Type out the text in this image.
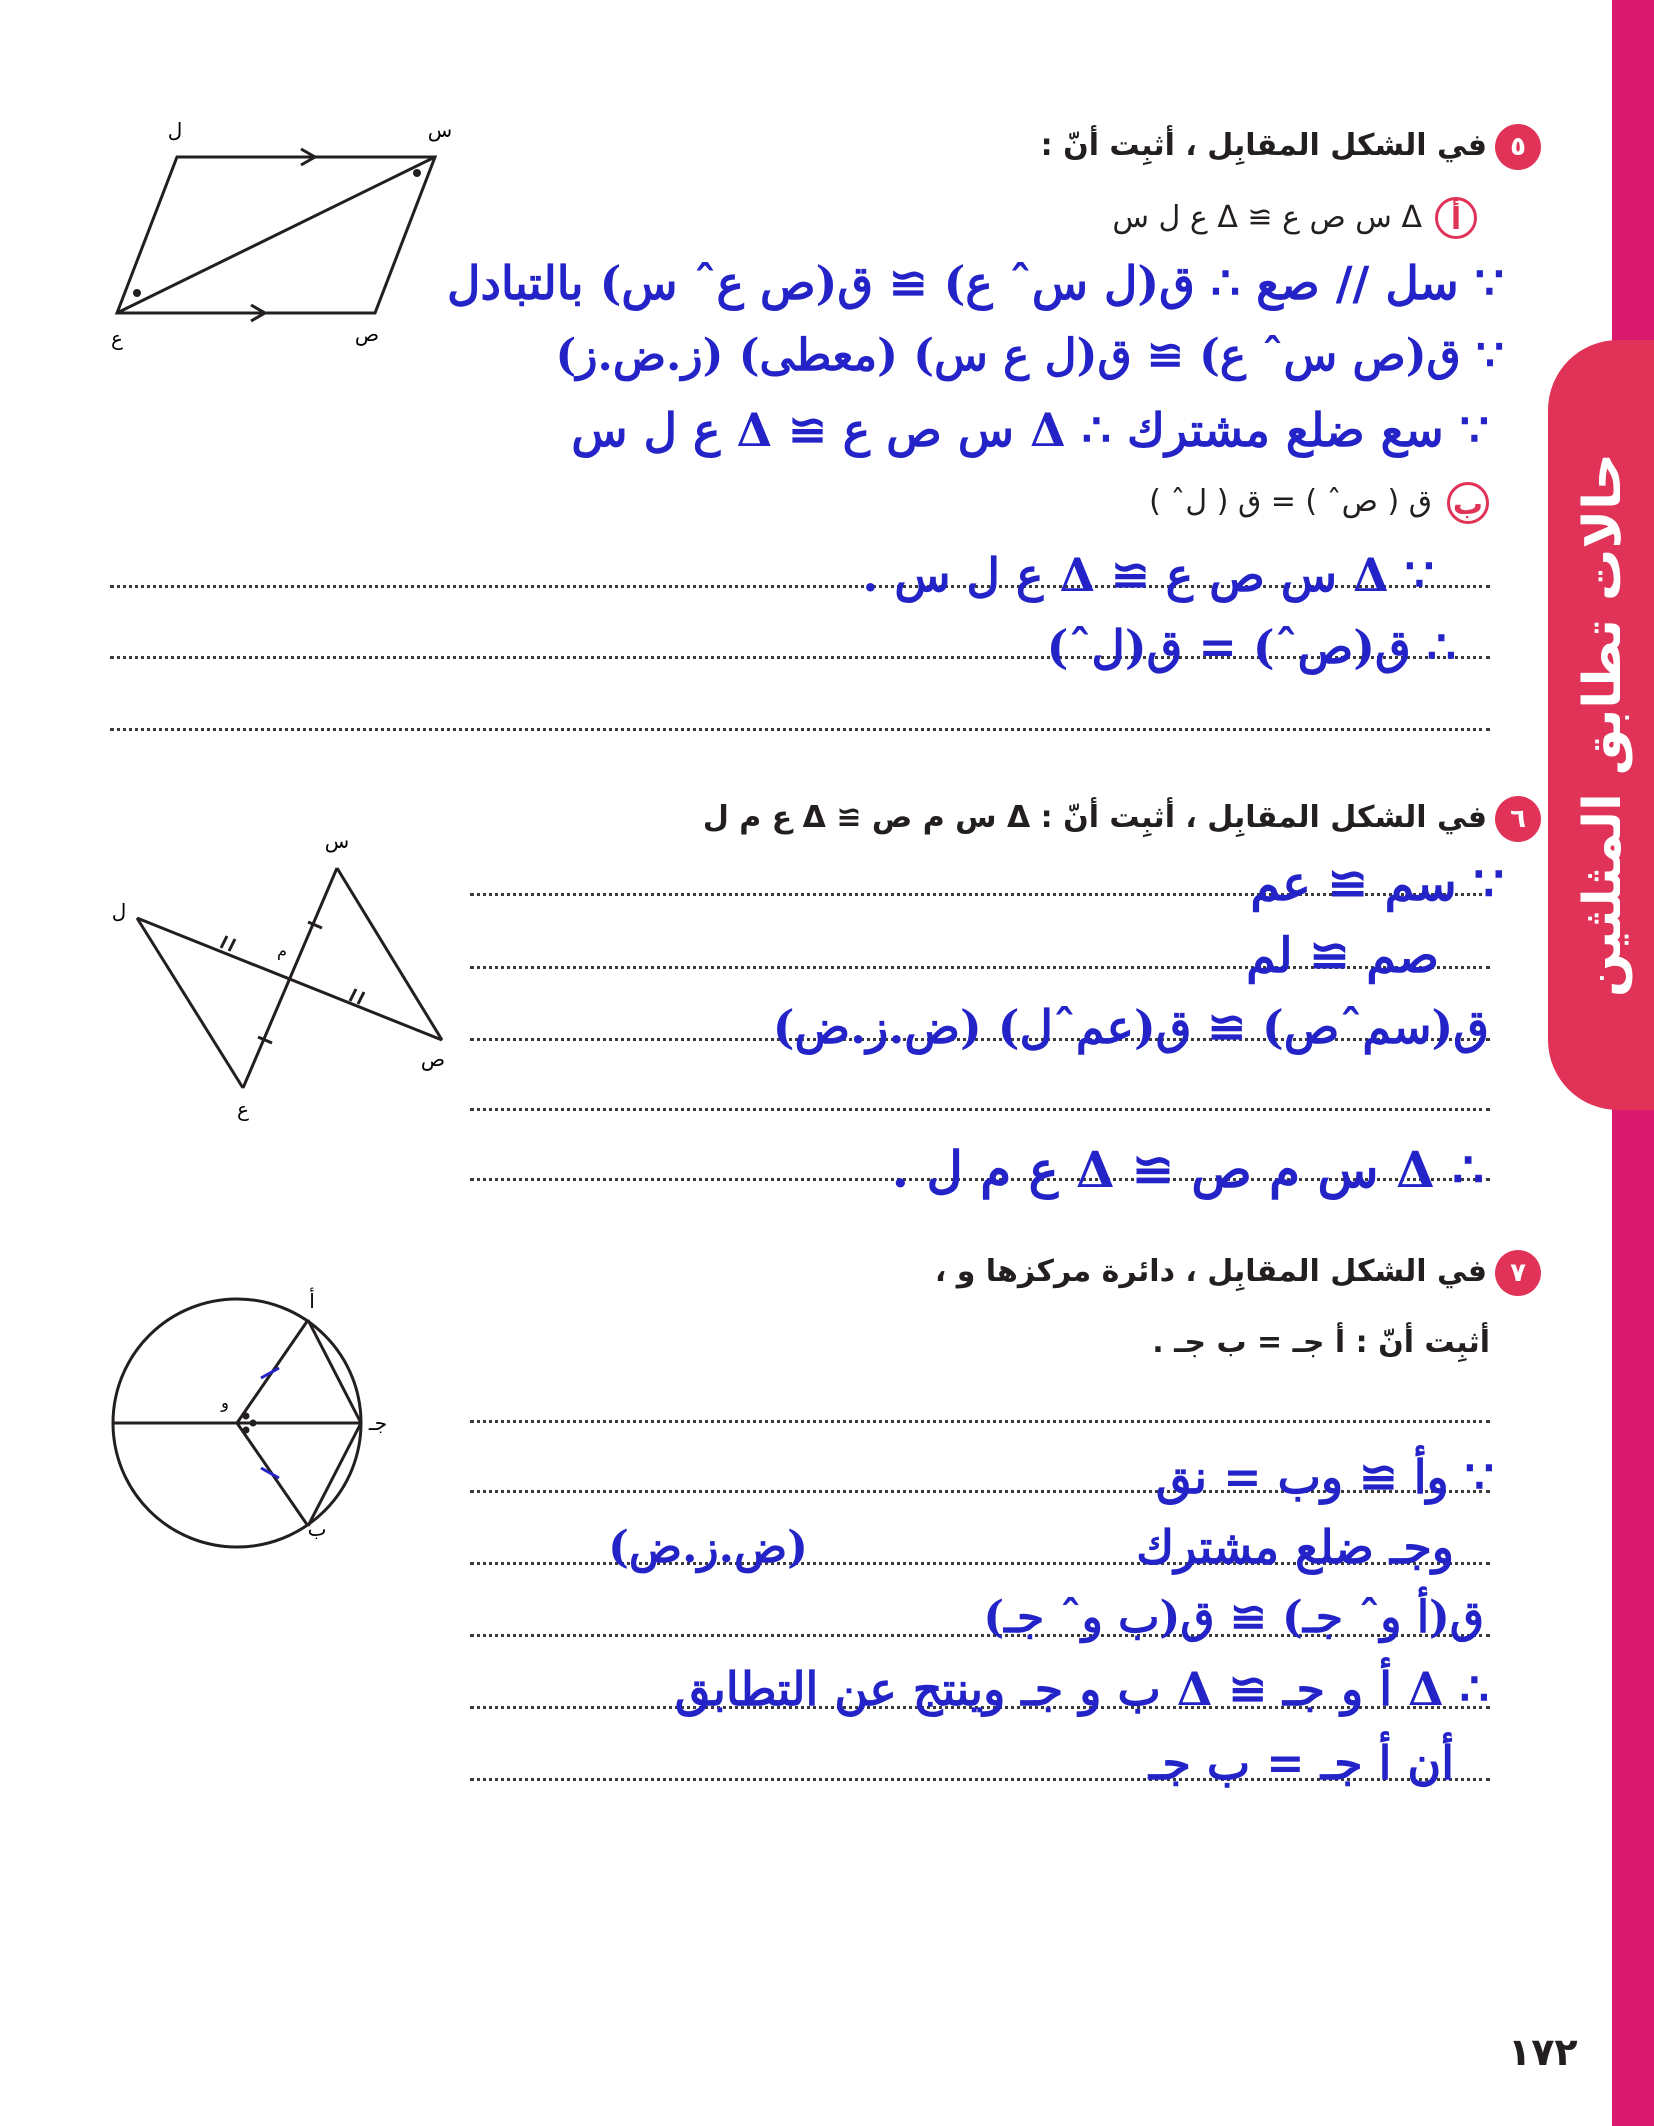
حالات تطابق المثلثين
ل	س
ع	ص
٥
في الشكل المقابِل ، أثبِت أنّ :
أ
Δ س ص ع ≅ Δ ع ل س
∵ سل // صع ∴ ق(ل سˆ ع) ≅ ق(ص عˆ س) بالتبادل
∵ ق(ص سˆ ع) ≅ ق(ل ع س) (معطى) (ز.ض.ز)
∵ سع ضلع مشترك ∴ Δ س ص ع ≅ Δ ع ل س
ب
ق ( صˆ ) = ق ( لˆ )
∵ Δ س ص ع ≅ Δ ع ل س .
∴ ق(صˆ) = ق(لˆ)
س
ل
م
ص
ع
٦
في الشكل المقابِل ، أثبِت أنّ : Δ س م ص ≅ Δ ع م ل
∵ سم ≅ عم
صم ≅ لم
ق(سمˆص) ≅ ق(عمˆل) (ض.ز.ض)
∴ Δ س م ص ≅ Δ ع م ل .
ﺃ
و
جـ
ب
٧
في الشكل المقابِل ، دائرة مركزها و ،
أثبِت أنّ : ﺃ جـ = ب جـ .
∵ وﺃ ≅ وب = نق
وجـ ضلع مشترك
(ض.ز.ض)
ق(ﺃ وˆ جـ) ≅ ق(ب وˆ جـ)
∴ Δ ﺃ و جـ ≅ Δ ب و جـ وينتج عن التطابق
أن ﺃ جـ = ب جـ
١٧٢
